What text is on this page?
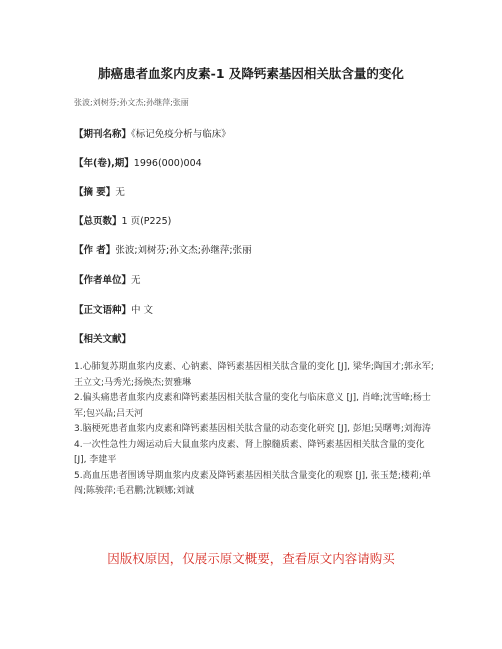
肺癌患者血浆内皮素-1 及降钙素基因相关肽含量的变化
张波;刘树芬;孙文杰;孙继萍;张丽
【期刊名称】《标记免疫分析与临床》
【年(卷),期】1996(000)004
【摘 要】无
【总页数】1 页(P225)
【作 者】张波;刘树芬;孙文杰;孙继萍;张丽
【作者单位】无
【正文语种】中 文
【相关文献】

1.心肺复苏期血浆内皮素、心钠素、降钙素基因相关肽含量的变化 [J], 梁华;陶国才;郭永军;王立文;马秀光;扬焕杰;贺雅琳

2.偏头痛患者血浆内皮素和降钙素基因相关肽含量的变化与临床意义 [J], 肖峰;沈雪峰;杨士军;包兴晶;吕天河

3.脑梗死患者血浆内皮素和降钙素基因相关肽含量的动态变化研究 [J], 彭旭;吴曙粤;刘海涛

4.一次性急性力竭运动后大鼠血浆内皮素、肾上腺髓质素、降钙素基因相关肽含量的变化 [J], 李建平

5.高血压患者围诱导期血浆内皮素及降钙素基因相关肽含量变化的观察 [J], 张玉楚;楼莉;单闯;陈骏萍;毛君鹏;沈颖娜;刘诚

因版权原因，仅展示原文概要，查看原文内容请购买
